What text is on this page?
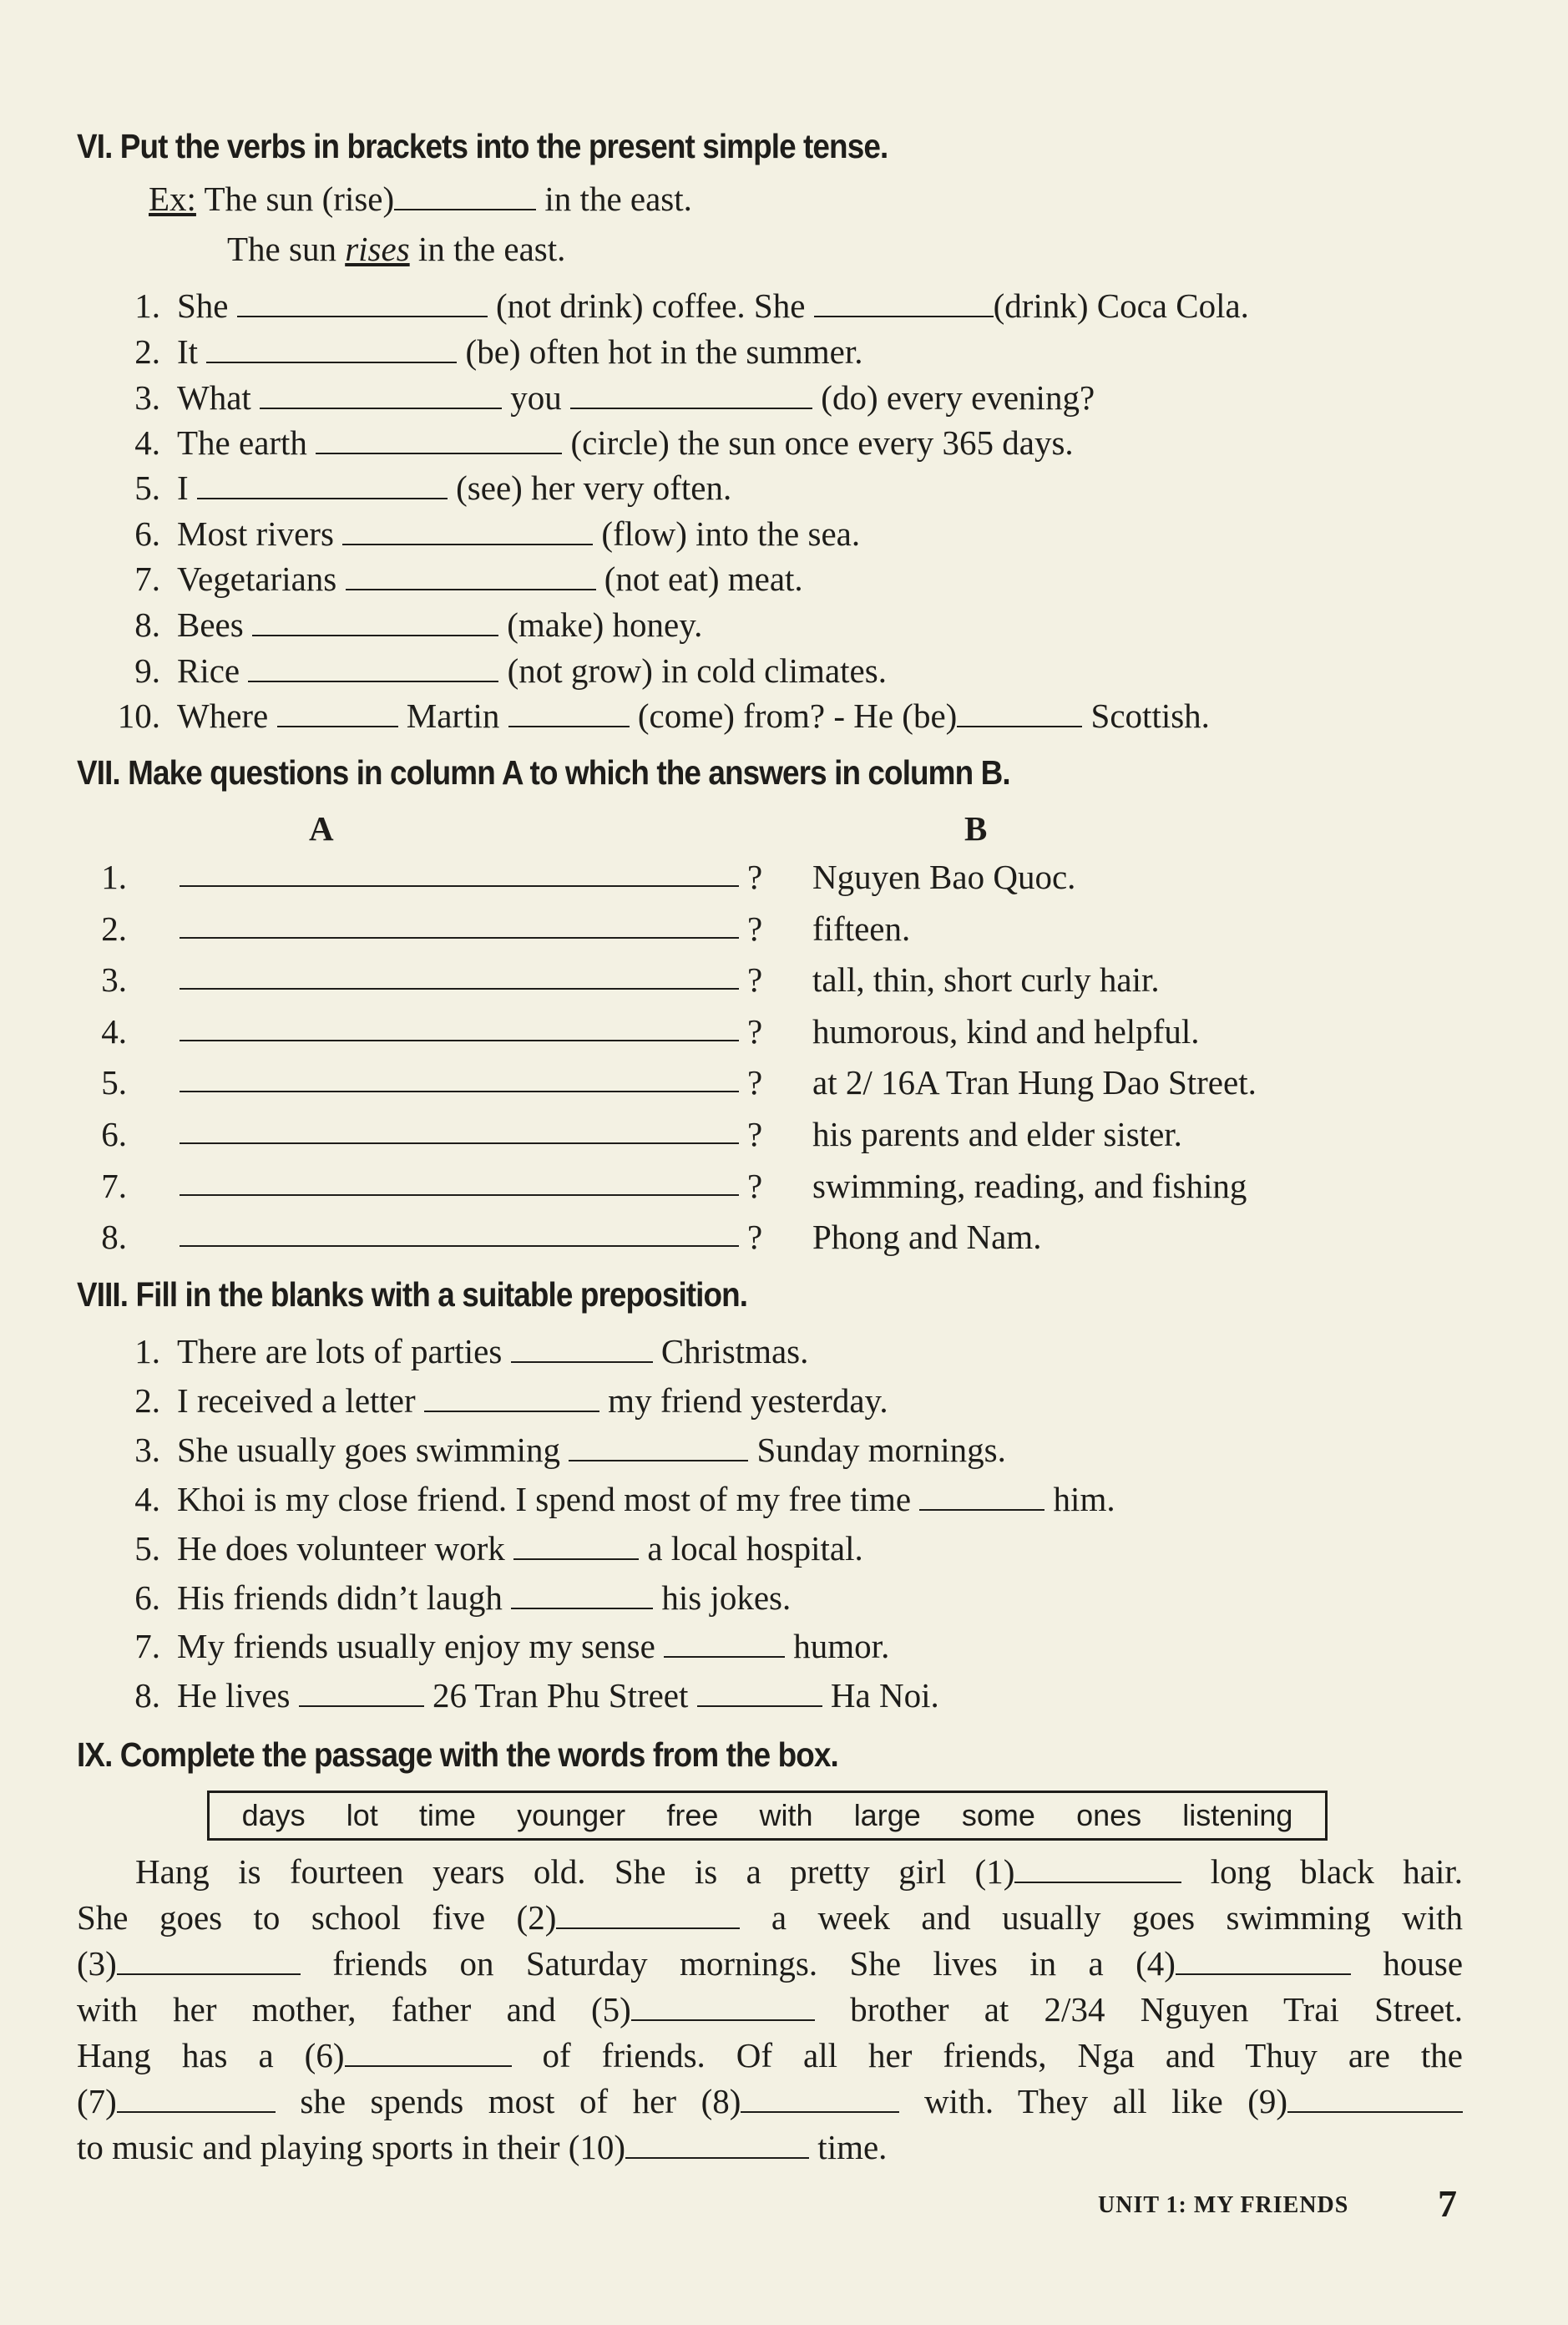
VI. Put the verbs in brackets into the present simple tense.
Ex: The sun (rise)	in the east.
The sun rises in the east.
1. She	(not drink) coffee. She	(drink) Coca Cola.
2. It	(be) often hot in the summer.
3. What	you	(do) every evening?
4. The earth	(circle) the sun once every 365 days.
5. I	(see) her very often.
6. Most rivers	(flow) into the sea.
7. Vegetarians	(not eat) meat.
8. Bees	(make) honey.
9. Rice	(not grow) in cold climates.
10. Where	Martin	(come) from? - He (be)	Scottish.
VII. Make questions in column A to which the answers in column B.
A	B
1.	? Nguyen Bao Quoc.
2.	? fifteen.
3.	? tall, thin, short curly hair.
4.	? humorous, kind and helpful.
5.	? at 2/ 16A Tran Hung Dao Street.
6.	? his parents and elder sister.
7.	? swimming, reading, and fishing
8.	? Phong and Nam.
VIII. Fill in the blanks with a suitable preposition.
1. There are lots of parties	Christmas.
2. I received a letter	my friend yesterday.
3. She usually goes swimming	Sunday mornings.
4. Khoi is my close friend. I spend most of my free time	him.
5. He does volunteer work	a local hospital.
6. His friends didn’t laugh	his jokes.
7. My friends usually enjoy my sense	humor.
8. He lives	26 Tran Phu Street	Ha Noi.
IX. Complete the passage with the words from the box.
days lot time younger free with large some ones listening
Hang is fourteen years old. She is a pretty girl (1)	long black hair.
She goes to school five (2)	a week and usually goes swimming with
(3)	friends on Saturday mornings. She lives in a (4)	house
with her mother, father and (5)	brother at 2/34 Nguyen Trai Street.
Hang has a (6)	of friends. Of all her friends, Nga and Thuy are the
(7)	she spends most of her (8)	with. They all like (9)
to music and playing sports in their (10)	time.
UNIT 1: MY FRIENDS 7
